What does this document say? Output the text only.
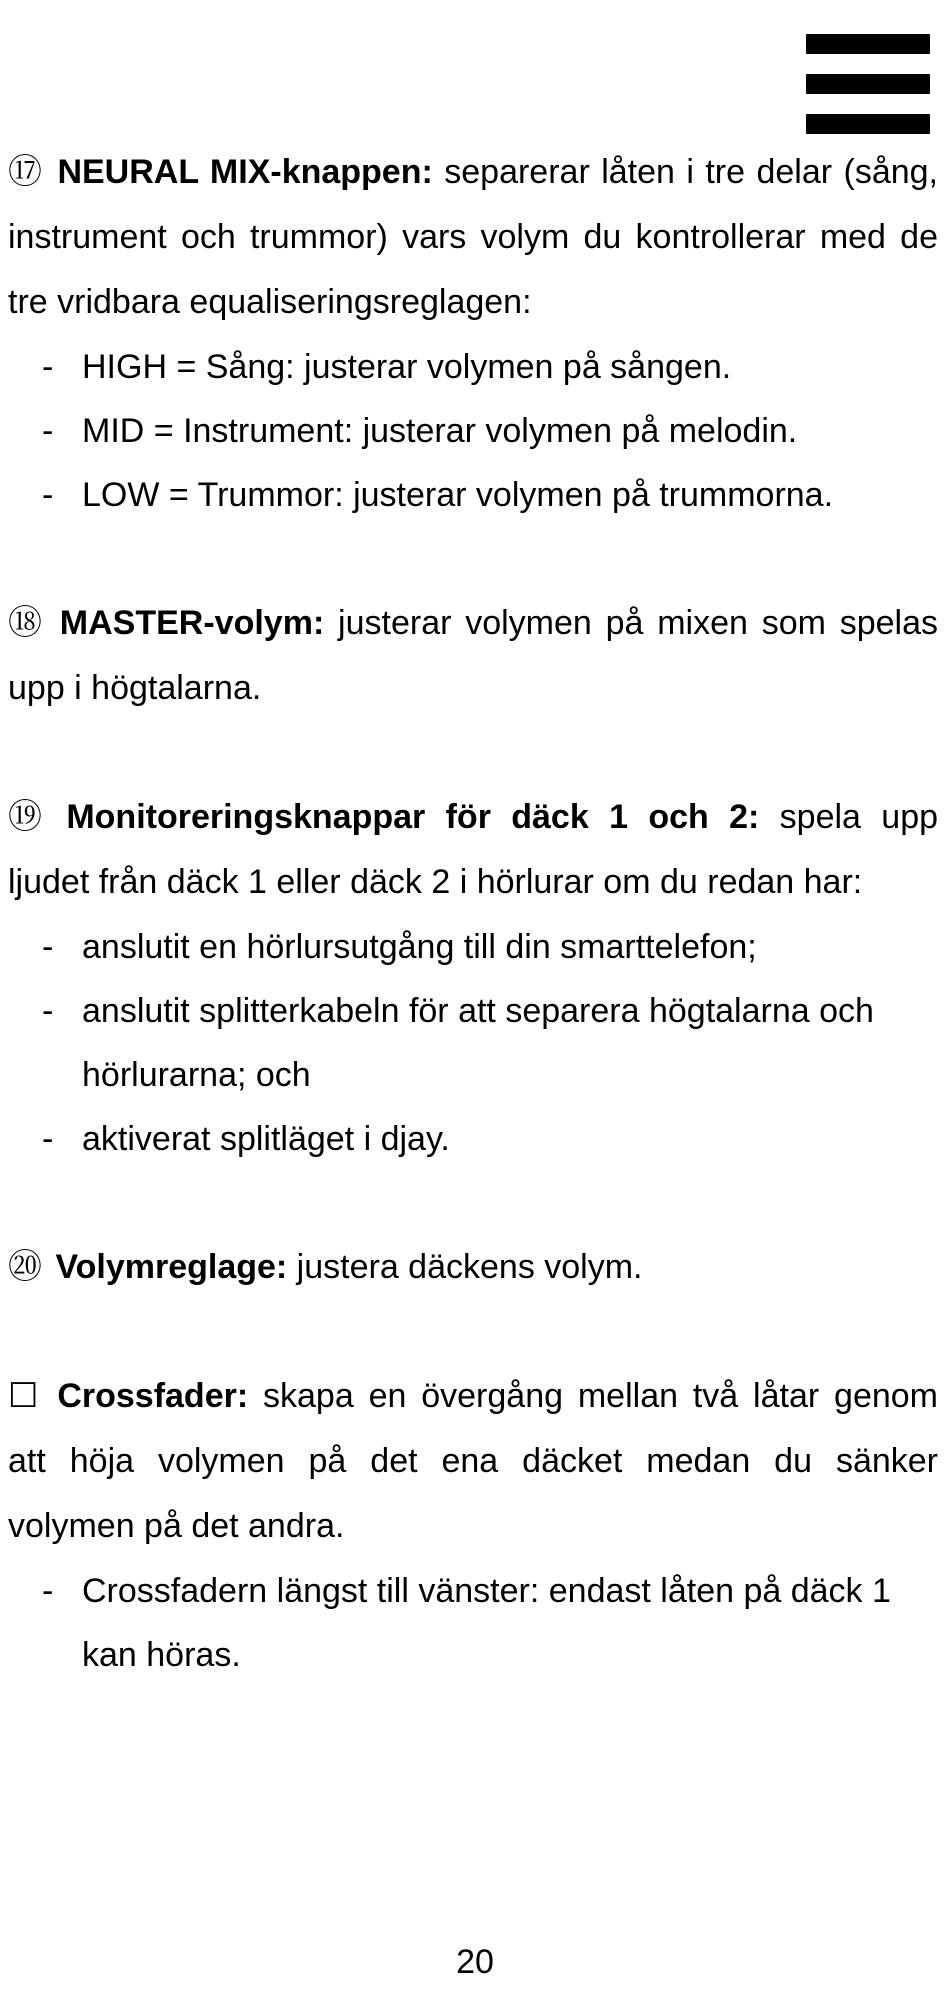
⑰ NEURAL MIX-knappen: separerar låten i tre delar (sång, instrument och trummor) vars volym du kontrollerar med de tre vridbara equaliseringsreglagen:

- HIGH = Sång: justerar volymen på sången.
- MID = Instrument: justerar volymen på melodin.
- LOW = Trummor: justerar volymen på trummorna.

⑱ MASTER-volym: justerar volymen på mixen som spelas upp i högtalarna.

⑲ Monitoreringsknappar för däck 1 och 2: spela upp ljudet från däck 1 eller däck 2 i hörlurar om du redan har:

- anslutit en hörlursutgång till din smarttelefon;
- anslutit splitterkabeln för att separera högtalarna och hörlurarna; och
- aktiverat splitläget i djay.

⑳ Volymreglage: justera däckens volym.

☐ Crossfader: skapa en övergång mellan två låtar genom att höja volymen på det ena däcket medan du sänker volymen på det andra.

- Crossfadern längst till vänster: endast låten på däck 1 kan höras.
20
